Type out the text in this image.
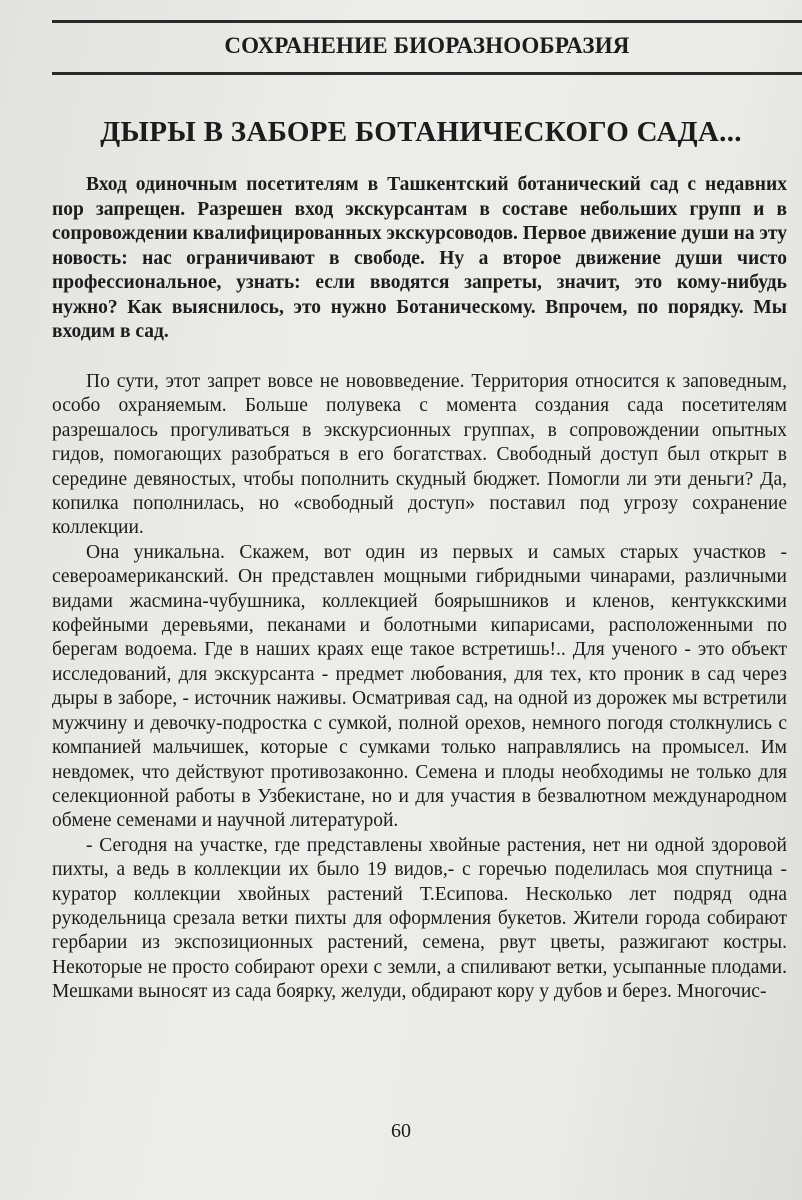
СОХРАНЕНИЕ БИОРАЗНООБРАЗИЯ
ДЫРЫ В ЗАБОРЕ БОТАНИЧЕСКОГО САДА...

Вход одиночным посетителям в Ташкентский ботанический сад с недавних пор запрещен. Разрешен вход экскурсантам в составе небольших групп и в сопровождении квалифицированных экскурсоводов. Первое движение души на эту новость: нас ограничивают в свободе. Ну а второе движение души чисто профессиональное, узнать: если вводятся запреты, значит, это кому-нибудь нужно? Как выяснилось, это нужно Ботаническому. Впрочем, по порядку. Мы входим в сад.

По сути, этот запрет вовсе не нововведение. Территория относится к заповедным, особо охраняемым. Больше полувека с момента создания сада посетителям разрешалось прогуливаться в экскурсионных группах, в сопровождении опытных гидов, помогающих разобраться в его богатствах. Свободный доступ был открыт в середине девяностых, чтобы пополнить скудный бюджет. Помогли ли эти деньги? Да, копилка пополнилась, но «свободный доступ» поставил под угрозу сохранение коллекции.

Она уникальна. Скажем, вот один из первых и самых старых участков - североамериканский. Он представлен мощными гибридными чинарами, различными видами жасмина-чубушника, коллекцией боярышников и кленов, кентуккскими кофейными деревьями, пеканами и болотными кипарисами, расположенными по берегам водоема. Где в наших краях еще такое встретишь!.. Для ученого - это объект исследований, для экскурсанта - предмет любования, для тех, кто проник в сад через дыры в заборе, - источник наживы. Осматривая сад, на одной из дорожек мы встретили мужчину и девочку-подростка с сумкой, полной орехов, немного погодя столкнулись с компанией мальчишек, которые с сумками только направлялись на промысел. Им невдомек, что действуют противозаконно. Семена и плоды необходимы не только для селекционной работы в Узбекистане, но и для участия в безвалютном международном обмене семенами и научной литературой.

- Сегодня на участке, где представлены хвойные растения, нет ни одной здоровой пихты, а ведь в коллекции их было 19 видов,- с горечью поделилась моя спутница - куратор коллекции хвойных растений Т.Есипова. Несколько лет подряд одна рукодельница срезала ветки пихты для оформления букетов. Жители города собирают гербарии из экспозиционных растений, семена, рвут цветы, разжигают костры. Некоторые не просто собирают орехи с земли, а спиливают ветки, усыпанные плодами. Мешками выносят из сада боярку, желуди, обдирают кору у дубов и берез. Многочис-

60
